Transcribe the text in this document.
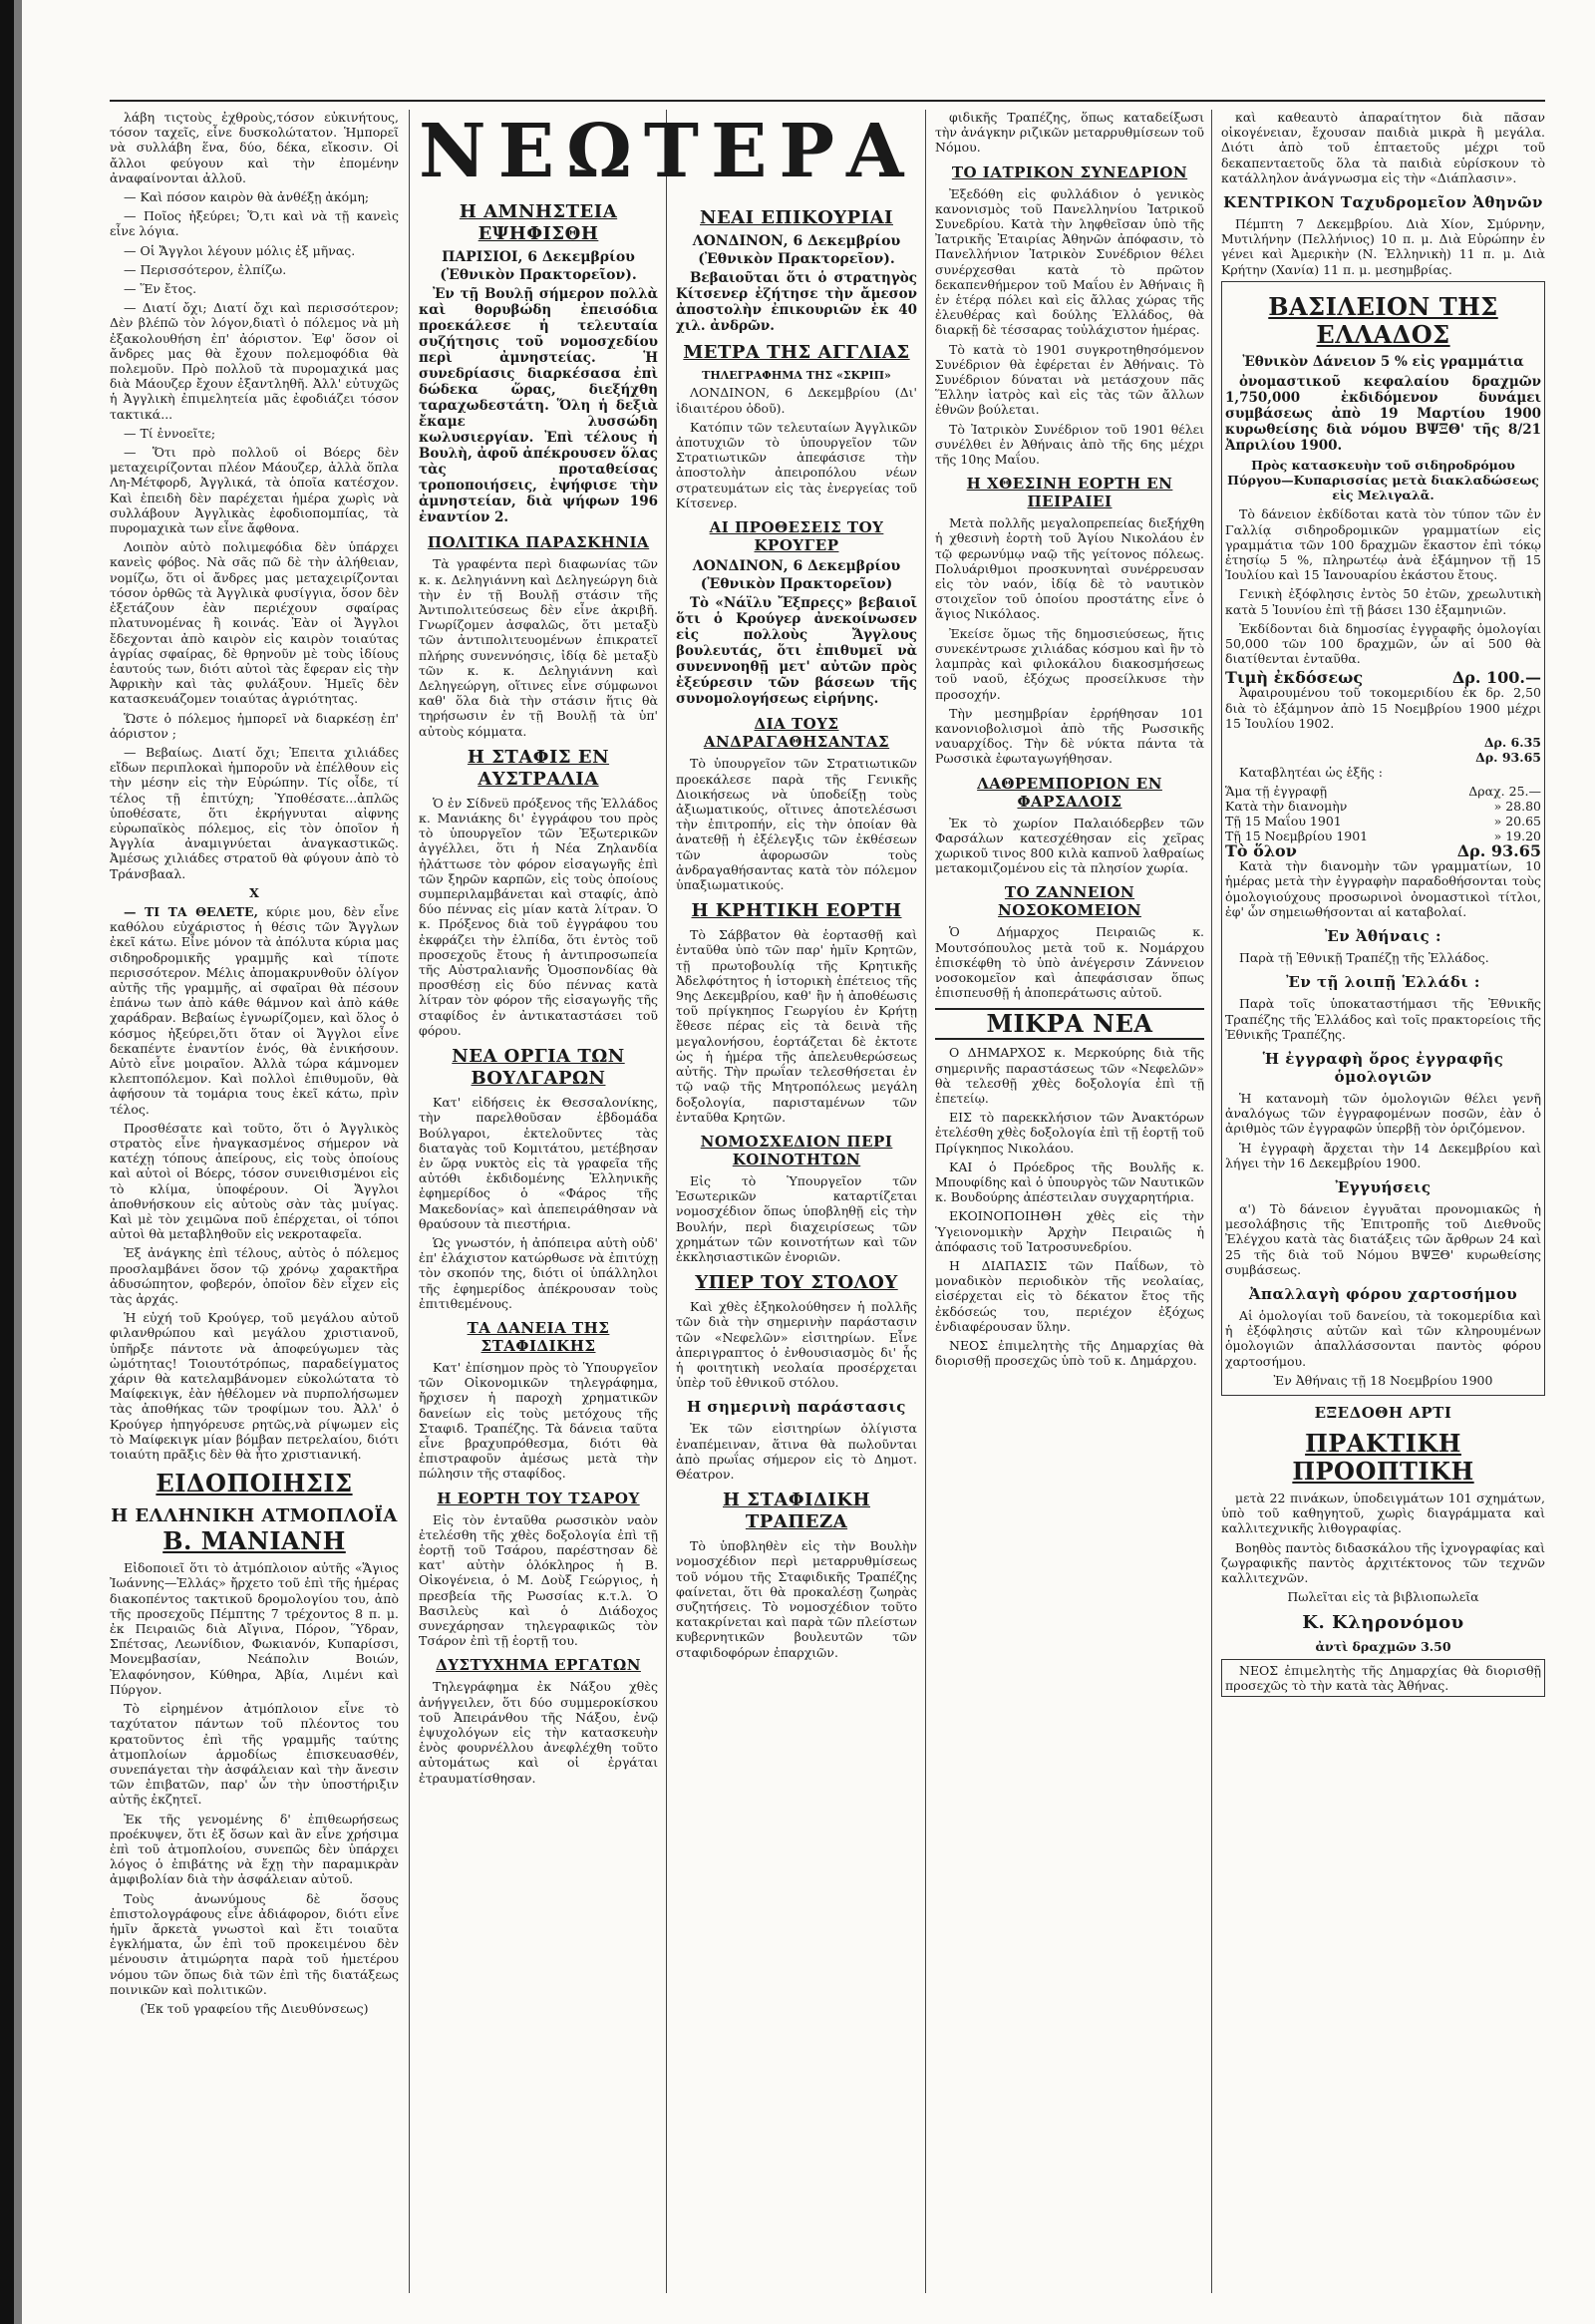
λάβη τιςτοὺς ἐχθροὺς,τόσον εὐκινήτους, τόσον ταχεῖς, εἶνε δυσκολώτατον. Ἡμπορεῖ νὰ συλλάβη ἕνα, δύο, δέκα, εἴκοσιν. Οἱ ἄλλοι φεύγουν καὶ τὴν ἐπομένην ἀναφαίνονται ἀλλοῦ.

— Καὶ πόσον καιρὸν θὰ ἀνθέξῃ ἀκόμη;

— Ποῖος ἠξεύρει; Ὅ,τι καὶ νὰ τῇ κανεὶς εἶνε λόγια.

— Οἱ Ἄγγλοι λέγουν μόλις ἐξ μῆνας.

— Περισσότερον, ἐλπίζω.

— Ἕν ἔτος.

— Διατί ὄχι; Διατί ὄχι καὶ περισσότερον; Δὲν βλέπῶ τὸν λόγον,διατὶ ὁ πόλεμος νὰ μὴ ἐξακολουθήση ἐπ' ἀόριστον. Ἐφ' ὅσον οἱ ἄνδρες μας θὰ ἔχουν πολεμοφόδια θὰ πολεμοῦν. Πρὸ πολλοῦ τὰ πυρομαχικά μας διὰ Μάουζερ ἔχουν ἐξαντληθῆ. Ἀλλ' εὐτυχῶς ἡ Ἀγγλικὴ ἐπιμελητεία μᾶς ἐφοδιάζει τόσον τακτικά...

— Τί ἐννοεῖτε;

— Ὅτι πρὸ πολλοῦ οἱ Βόερς δὲν μεταχειρίζονται πλέον Μάουζερ, ἀλλὰ ὅπλα Λη-Μέτφορδ, Ἀγγλικά, τὰ ὁποῖα κατέσχον. Καὶ ἐπειδὴ δὲν παρέχεται ἡμέρα χωρὶς νὰ συλλάβουν Ἀγγλικὰς ἐφοδιοπομπίας, τὰ πυρομαχικὰ των εἶνε ἄφθονα.

Λοιπὸν αὐτὸ πολιμεφόδια δὲν ὑπάρχει κανεὶς φόβος. Νὰ σᾶς πῶ δὲ τὴν ἀλήθειαν, νομίζω, ὅτι οἱ ἄνδρες μας μεταχειρίζονται τόσον ὀρθῶς τὰ Ἀγγλικὰ φυσίγγια, ὅσον δὲν ἐξετάζουν ἐὰν περιέχουν σφαίρας πλατυνομένας ἢ κοινάς. Ἐὰν οἱ Ἄγγλοι ἔδεχονται ἀπὸ καιρὸν εἰς καιρὸν τοιαύτας ἀγρίας σφαίρας, δὲ θρηνοῦν μὲ τοὺς ἰδίους ἑαυτούς των, διότι αὐτοὶ τὰς ἔφεραν εἰς τὴν Ἀφρικὴν καὶ τὰς φυλάξουν. Ἡμεῖς δὲν κατασκευάζομεν τοιαύτας ἀγριότητας.

Ὥστε ὁ πόλεμος ἡμπορεῖ νὰ διαρκέσῃ ἐπ' ἀόριστον ;

— Βεβαίως. Διατί ὄχι; Ἐπειτα χιλιάδες εἴδων περιπλοκαὶ ἡμποροῦν νὰ ἐπέλθουν εἰς τὴν μέσην εἰς τὴν Εὐρώπην. Τίς οἶδε, τί τέλος τῇ ἐπιτύχη; Ὑποθέσατε...ἀπλῶς ὑποθέσατε, ὅτι ἐκρήγνυται αἰφνης εὐρωπαϊκὸς πόλεμος, εἰς τὸν ὁποῖον ἡ Ἀγγλία ἀναμιγνύεται ἀναγκαστικῶς. Ἀμέσως χιλιάδες στρατοῦ θὰ φύγουν ἀπὸ τὸ Τράνσβααλ.

X

— ΤΙ ΤΑ ΘΕΛΕΤΕ, κύριε μου, δὲν εἶνε καθόλου εὐχάριστος ἡ θέσις τῶν Ἄγγλων ἐκεῖ κάτω. Εἶνε μόνον τὰ ἀπόλυτα κύρια μας σιδηροδρομικῆς γραμμῆς καὶ τίποτε περισσότερον. Μέλις ἀπομακρυνθοῦν ὀλίγον αὐτῆς τῆς γραμμῆς, αἱ σφαῖραι θὰ πέσουν ἐπάνω των ἀπὸ κάθε θάμνον καὶ ἀπὸ κάθε χαράδραν. Βεβαίως ἐγνωρίζομεν, καὶ ὅλος ὁ κόσμος ἠξεύρει,ὅτι ὅταν οἱ Ἄγγλοι εἶνε δεκαπέντε ἐναντίον ἑνός, θὰ ἐνικήσουν. Αὐτὸ εἶνε μοιραῖον. Ἀλλὰ τώρα κάμνομεν κλεπτοπόλεμον. Καὶ πολλοὶ ἐπιθυμοῦν, θὰ ἀφήσουν τὰ τομάρια τους ἐκεῖ κάτω, πρὶν τέλος.

Προσθέσατε καὶ τοῦτο, ὅτι ὁ Ἀγγλικὸς στρατὸς εἶνε ἠναγκασμένος σήμερον νὰ κατέχῃ τόπους ἀπείρους, εἰς τοὺς ὁποίους καὶ αὐτοὶ οἱ Βόερς, τόσον συνειθισμένοι εἰς τὸ κλίμα, ὑποφέρουν. Οἱ Ἄγγλοι ἀποθνήσκουν εἰς αὐτοὺς σὰν τὰς μυίγας. Καὶ μὲ τὸν χειμῶνα ποῦ ἐπέρχεται, οἱ τόποι αὐτοὶ θὰ μεταβληθοῦν εἰς νεκροταφεῖα.

Ἐξ ἀνάγκης ἐπὶ τέλους, αὐτὸς ὁ πόλεμος προσλαμβάνει ὅσον τῷ χρόνῳ χαρακτῆρα ἀδυσώπητον, φοβερόν, ὁποῖον δὲν εἶχεν εἰς τὰς ἀρχάς.

Ἡ εὐχή τοῦ Κρούγερ, τοῦ μεγάλου αὐτοῦ φιλανθρώπου καὶ μεγάλου χριστιανοῦ, ὑπῆρξε πάντοτε νὰ ἀποφεύγωμεν τὰς ὠμότητας! Τοιουτότρόπως, παραδείγματος χάριν θὰ κατελαμβάνομεν εὐκολώτατα τὸ Μαίφεκιγκ, ἐὰν ἠθέλομεν νὰ πυρπολήσωμεν τὰς ἀποθήκας τῶν τροφίμων του. Ἀλλ' ὁ Κρούγερ ἠπηγόρευσε ρητῶς,νὰ ρίψωμεν εἰς τὸ Μαίφεκιγκ μίαν βόμβαν πετρελαίου, διότι τοιαύτη πρᾶξις δὲν θὰ ἦτο χριστιανική.

ΕΙΔΟΠΟΙΗΣΙΣ
Η ΕΛΛΗΝΙΚΗ ΑΤΜΟΠΛΟΪΑ
Β. ΜΑΝΙΑΝΗ

Εἰδοποιεῖ ὅτι τὸ ἀτμόπλοιον αὐτῆς «Ἅγιος Ἰωάννης—Ἑλλάς» ἤρχετο τοῦ ἐπὶ τῆς ἡμέρας διακοπέντος τακτικοῦ δρομολογίου του, ἀπὸ τῆς προσεχοῦς Πέμπτης 7 τρέχοντος 8 π. μ. ἐκ Πειραιῶς διὰ Αἴγινα, Πόρον, Ὕδραν, Σπέτσας, Λεωνίδιον, Φωκιανόν, Κυπαρίσσι, Μονεμβασίαν, Νεάπολιν Βοιών, Ἐλαφόνησον, Κύθηρα, Ἀβία, Λιμένι καὶ Πύργον.

Τὸ εἰρημένον ἀτμόπλοιον εἶνε τὸ ταχύτατον πάντων τοῦ πλέοντος του κρατοῦντος ἐπὶ τῆς γραμμῆς ταύτης ἀτμοπλοίων ἁρμοδίως ἐπισκευασθέν, συνεπάγεται τὴν ἀσφάλειαν καὶ τὴν ἄνεσιν τῶν ἐπιβατῶν, παρ' ὧν τὴν ὑποστήριξιν αὐτῆς ἐκζητεῖ.

Ἐκ τῆς γενομένης δ' ἐπιθεωρήσεως προέκυψεν, ὅτι ἐξ ὅσων καὶ ἂν εἶνε χρήσιμα ἐπὶ τοῦ ἀτμοπλοίου, συνεπῶς δὲν ὑπάρχει λόγος ὁ ἐπιβάτης νὰ ἔχῃ τὴν παραμικρὰν ἀμφιβολίαν διὰ τὴν ἀσφάλειαν αὐτοῦ.

Τοὺς ἀνωνύμους δὲ ὅσους ἐπιστολογράφους εἶνε ἀδιάφορον, διότι εἶνε ἡμῖν ἄρκετὰ γνωστοὶ καὶ ἔτι τοιαῦτα ἐγκλήματα, ὧν ἐπὶ τοῦ προκειμένου δὲν μένουσιν ἀτιμώρητα παρὰ τοῦ ἡμετέρου νόμου τῶν ὅπως διὰ τῶν ἐπὶ τῆς διατάξεως ποινικῶν καὶ πολιτικῶν.

(Ἐκ τοῦ γραφείου τῆς Διευθύνσεως)

ΝΕΩΤΕΡΑ
Η ΑΜΝΗΣΤΕΙΑ ΕΨΗΦΙΣΘΗ
ΠΑΡΙΣΙΟΙ, 6 Δεκεμβρίου
(Ἐθνικὸν Πρακτορεῖον).

Ἐν τῇ Βουλῇ σήμερον πολλὰ καὶ θορυβώδη ἐπεισόδια προεκάλεσε ἡ τελευταία συζήτησις τοῦ νομοσχεδίου περὶ ἀμνηστείας. Ἡ συνεδρίασις διαρκέσασα ἐπὶ δώδεκα ὥρας, διεξήχθη ταραχωδεστάτη. Ὅλη ἡ δεξιὰ ἔκαμε λυσσώδη κωλυσιεργίαν. Ἐπὶ τέλους ἡ Βουλὴ, ἀφοῦ ἀπέκρουσεν ὅλας τὰς προταθείσας τροποποιήσεις, ἐψήφισε τὴν ἀμνηστείαν, διὰ ψήφων 196 ἐναντίον 2.

ΠΟΛΙΤΙΚΑ ΠΑΡΑΣΚΗΝΙΑ

Τὰ γραφέντα περὶ διαφωνίας τῶν κ. κ. Δεληγιάννη καὶ Δεληγεώργη διὰ τὴν ἐν τῇ Βουλῇ στάσιν τῆς Ἀντιπολιτεύσεως δὲν εἶνε ἀκριβῆ. Γνωρίζομεν ἀσφαλῶς, ὅτι μεταξὺ τῶν ἀντιπολιτευομένων ἐπικρατεῖ πλήρης συνεννόησις, ἰδίᾳ δὲ μεταξὺ τῶν κ. κ. Δεληγιάννη καὶ Δεληγεώργη, οἵτινες εἶνε σύμφωνοι καθ' ὅλα διὰ τὴν στάσιν ἥτις θὰ τηρήσωσιν ἐν τῇ Βουλῇ τὰ ὑπ' αὐτοὺς κόμματα.

Η ΣΤΑΦΙΣ ΕΝ ΑΥΣΤΡΑΛΙΑ

Ὁ ἐν Σίδνεϋ πρόξενος τῆς Ἑλλάδος κ. Μανιάκης δι' ἐγγράφου του πρὸς τὸ ὑπουργεῖον τῶν Ἐξωτερικῶν ἀγγέλλει, ὅτι ἡ Νέα Ζηλανδία ἠλάττωσε τὸν φόρον εἰσαγωγῆς ἐπὶ τῶν ξηρῶν καρπῶν, εἰς τοὺς ὁποίους συμπεριλαμβάνεται καὶ σταφίς, ἀπὸ δύο πέννας εἰς μίαν κατὰ λίτραν. Ὁ κ. Πρόξενος διὰ τοῦ ἐγγράφου του ἐκφράζει τὴν ἐλπίδα, ὅτι ἐντὸς τοῦ προσεχοῦς ἔτους ἡ ἀντιπροσωπεία τῆς Αὐστραλιανῆς Ὁμοσπονδίας θὰ προσθέσῃ εἰς δύο πέννας κατὰ λίτραν τὸν φόρον τῆς εἰσαγωγῆς τῆς σταφίδος ἐν ἀντικαταστάσει τοῦ φόρου.

ΝΕΑ ΟΡΓΙΑ ΤΩΝ ΒΟΥΛΓΑΡΩΝ

Κατ' εἰδήσεις ἐκ Θεσσαλονίκης, τὴν παρελθοῦσαν ἑβδομάδα Βούλγαροι, ἐκτελοῦντες τὰς διαταγὰς τοῦ Κομιτάτου, μετέβησαν ἐν ὥρᾳ νυκτὸς εἰς τὰ γραφεῖα τῆς αὐτόθι ἐκδιδομένης Ἑλληνικῆς ἐφημερίδος ὁ «Φάρος τῆς Μακεδονίας» καὶ ἀπεπειράθησαν νὰ θραύσουν τὰ πιεστήρια.

Ὡς γνωστόν, ἡ ἀπόπειρα αὐτὴ οὐδ' ἐπ' ἐλάχιστον κατώρθωσε νὰ ἐπιτύχῃ τὸν σκοπόν της, διότι οἱ ὑπάλληλοι τῆς ἐφημερίδος ἀπέκρουσαν τοὺς ἐπιτιθεμένους.

ΤΑ ΔΑΝΕΙΑ ΤΗΣ ΣΤΑΦΙΔΙΚΗΣ

Κατ' ἐπίσημον πρὸς τὸ Ὑπουργεῖον τῶν Οἰκονομικῶν τηλεγράφημα, ἤρχισεν ἡ παροχὴ χρηματικῶν δανείων εἰς τοὺς μετόχους τῆς Σταφιδ. Τραπέζης. Τὰ δάνεια ταῦτα εἶνε βραχυπρόθεσμα, διότι θὰ ἐπιστραφοῦν ἀμέσως μετὰ τὴν πώλησιν τῆς σταφίδος.

Η ΕΟΡΤΗ ΤΟΥ ΤΣΑΡΟΥ

Εἰς τὸν ἐνταῦθα ρωσσικὸν ναὸν ἐτελέσθη τῆς χθὲς δοξολογία ἐπὶ τῇ ἑορτῇ τοῦ Τσάρου, παρέστησαν δὲ κατ' αὐτὴν ὁλόκληρος ἡ Β. Οἰκογένεια, ὁ Μ. Δοὺξ Γεώργιος, ἡ πρεσβεία τῆς Ρωσσίας κ.τ.λ. Ὁ Βασιλεὺς καὶ ὁ Διάδοχος συνεχάρησαν τηλεγραφικῶς τὸν Τσάρον ἐπὶ τῇ ἑορτῇ του.

ΔΥΣΤΥΧΗΜΑ ΕΡΓΑΤΩΝ

Τηλεγράφημα ἐκ Νάξου χθὲς ἀνήγγειλεν, ὅτι δύο συμμεροκίσκου τοῦ Ἀπειράνθου τῆς Νάξου, ἐνῷ ἐψυχολόγων εἰς τὴν κατασκευὴν ἑνὸς φουρνέλλου ἀνεφλέχθη τοῦτο αὐτομάτως καὶ οἱ ἐργάται ἐτραυματίσθησαν.

ΝΕΑΙ ΕΠΙΚΟΥΡΙΑΙ
ΛΟΝΔΙΝΟΝ, 6 Δεκεμβρίου
(Ἐθνικὸν Πρακτορεῖον).

Βεβαιοῦται ὅτι ὁ στρατηγὸς Κίτσενερ ἐζήτησε τὴν ἄμεσον ἀποστολὴν ἐπικουριῶν ἐκ 40 χιλ. ἀνδρῶν.

ΜΕΤΡΑ ΤΗΣ ΑΓΓΛΙΑΣ
ΤΗΛΕΓΡΑΦΗΜΑ ΤΗΣ «ΣΚΡΙΠ»

ΛΟΝΔΙΝΟΝ, 6 Δεκεμβρίου (Δι' ἰδιαιτέρου ὁδοῦ).

Κατόπιν τῶν τελευταίων Ἀγγλικῶν ἀποτυχιῶν τὸ ὑπουργεῖον τῶν Στρατιωτικῶν ἀπεφάσισε τὴν ἀποστολὴν ἀπειροπόλου νέων στρατευμάτων εἰς τὰς ἐνεργείας τοῦ Κίτσενερ.

ΑΙ ΠΡΟΘΕΣΕΙΣ ΤΟΥ ΚΡΟΥΓΕΡ
ΛΟΝΔΙΝΟΝ, 6 Δεκεμβρίου
(Ἐθνικὸν Πρακτορεῖον)

Τὸ «Νάϊλυ Ἔξπρεςς» βεβαιοῖ ὅτι ὁ Κρούγερ ἀνεκοίνωσεν εἰς πολλοὺς Ἄγγλους βουλευτάς, ὅτι ἐπιθυμεῖ νὰ συνεννοηθῇ μετ' αὐτῶν πρὸς ἐξεύρεσιν τῶν βάσεων τῆς συνομολογήσεως εἰρήνης.

ΔΙΑ ΤΟΥΣ ΑΝΔΡΑΓΑΘΗΣΑΝΤΑΣ

Τὸ ὑπουργεῖον τῶν Στρατιωτικῶν προεκάλεσε παρὰ τῆς Γενικῆς Διοικήσεως νὰ ὑποδείξῃ τοὺς ἀξιωματικούς, οἵτινες ἀποτελέσωσι τὴν ἐπιτροπήν, εἰς τὴν ὁποίαν θὰ ἀνατεθῇ ἡ ἐξέλεγξις τῶν ἐκθέσεων τῶν ἀφορωσῶν τοὺς ἀνδραγαθήσαντας κατὰ τὸν πόλεμον ὑπαξιωματικούς.

Η ΚΡΗΤΙΚΗ ΕΟΡΤΗ

Τὸ Σάββατον θὰ ἑορτασθῇ καὶ ἐνταῦθα ὑπὸ τῶν παρ' ἡμῖν Κρητῶν, τῇ πρωτοβουλίᾳ τῆς Κρητικῆς Ἀδελφότητος ἡ ἱστορικὴ ἐπέτειος τῆς 9ης Δεκεμβρίου, καθ' ἣν ἡ ἀποθέωσις τοῦ πρίγκηπος Γεωργίου ἐν Κρήτῃ ἔθεσε πέρας εἰς τὰ δεινὰ τῆς μεγαλονήσου, ἑορτάζεται δὲ ἐκτοτε ὡς ἡ ἡμέρα τῆς ἀπελευθερώσεως αὐτῆς. Τὴν πρωΐαν τελεσθήσεται ἐν τῷ ναῷ τῆς Μητροπόλεως μεγάλη δοξολογία, παρισταμένων τῶν ἐνταῦθα Κρητῶν.

ΝΟΜΟΣΧΕΔΙΟΝ ΠΕΡΙ ΚΟΙΝΟΤΗΤΩΝ

Εἰς τὸ Ὑπουργεῖον τῶν Ἐσωτερικῶν καταρτίζεται νομοσχέδιον ὅπως ὑποβληθῇ εἰς τὴν Βουλήν, περὶ διαχειρίσεως τῶν χρημάτων τῶν κοινοτήτων καὶ τῶν ἐκκλησιαστικῶν ἐνοριῶν.

ΥΠΕΡ ΤΟΥ ΣΤΟΛΟΥ

Καὶ χθὲς ἐξηκολούθησεν ἡ πολλῆς τῶν διὰ τὴν σημερινὴν παράστασιν τῶν «Νεφελῶν» εἰσιτηρίων. Εἶνε ἀπεριγραπτος ὁ ἐνθουσιασμὸς δι' ἧς ἡ φοιτητικὴ νεολαία προσέρχεται ὑπὲρ τοῦ ἐθνικοῦ στόλου.

Η σημερινὴ παράστασις

Ἐκ τῶν εἰσιτηρίων ὀλίγιστα ἐναπέμειναν, ἅτινα θὰ πωλοῦνται ἀπὸ πρωΐας σήμερον εἰς τὸ Δημοτ. Θέατρον.

Η ΣΤΑΦΙΔΙΚΗ ΤΡΑΠΕΖΑ

Τὸ ὑποβληθὲν εἰς τὴν Βουλὴν νομοσχέδιον περὶ μεταρρυθμίσεως τοῦ νόμου τῆς Σταφιδικῆς Τραπέζης φαίνεται, ὅτι θὰ προκαλέσῃ ζωηρὰς συζητήσεις. Τὸ νομοσχέδιον τοῦτο κατακρίνεται καὶ παρὰ τῶν πλείστων κυβερνητικῶν βουλευτῶν τῶν σταφιδοφόρων ἐπαρχιῶν.

φιδικῆς Τραπέζης, ὅπως καταδείξωσι τὴν ἀνάγκην ριζικῶν μεταρρυθμίσεων τοῦ Νόμου.

ΤΟ ΙΑΤΡΙΚΟΝ ΣΥΝΕΔΡΙΟΝ

Ἐξεδόθη εἰς φυλλάδιον ὁ γενικὸς κανονισμὸς τοῦ Πανελληνίου Ἰατρικοῦ Συνεδρίου. Κατὰ τὴν ληφθεῖσαν ὑπὸ τῆς Ἰατρικῆς Ἑταιρίας Ἀθηνῶν ἀπόφασιν, τὸ Πανελλήνιον Ἰατρικὸν Συνέδριον θέλει συνέρχεσθαι κατὰ τὸ πρῶτον δεκαπενθήμερον τοῦ Μαΐου ἐν Ἀθήναις ἢ ἐν ἑτέρᾳ πόλει καὶ εἰς ἄλλας χώρας τῆς ἐλευθέρας καὶ δούλης Ἑλλάδος, θὰ διαρκῇ δὲ τέσσαρας τοὐλάχιστον ἡμέρας.

Τὸ κατὰ τὸ 1901 συγκροτηθησόμενον Συνέδριον θὰ ἐφέρεται ἐν Ἀθήναις. Τὸ Συνέδριον δύναται νὰ μετάσχουν πᾶς Ἕλλην ἰατρὸς καὶ εἰς τὰς τῶν ἄλλων ἐθνῶν βούλεται.

Τὸ Ἰατρικὸν Συνέδριον τοῦ 1901 θέλει συνέλθει ἐν Ἀθήναις ἀπὸ τῆς 6ης μέχρι τῆς 10ης Μαΐου.

Η ΧΘΕΣΙΝΗ ΕΟΡΤΗ ΕΝ ΠΕΙΡΑΙΕΙ

Μετὰ πολλῆς μεγαλοπρεπείας διεξήχθη ἡ χθεσινὴ ἑορτὴ τοῦ Ἁγίου Νικολάου ἐν τῷ φερωνύμῳ ναῷ τῆς γείτονος πόλεως. Πολυάριθμοι προσκυνηταὶ συνέρρευσαν εἰς τὸν ναόν, ἰδίᾳ δὲ τὸ ναυτικὸν στοιχεῖον τοῦ ὁποίου προστάτης εἶνε ὁ ἅγιος Νικόλαος.

Ἐκείσε ὅμως τῆς δημοσιεύσεως, ἥτις συνεκέντρωσε χιλιάδας κόσμου καὶ ἣν τὸ λαμπρὰς καὶ φιλοκάλου διακοσμήσεως τοῦ ναοῦ, ἐξόχως προσείλκυσε τὴν προσοχήν.

Τὴν μεσημβρίαν ἐρρήθησαν 101 κανονιοβολισμοὶ ἀπὸ τῆς Ρωσσικῆς ναυαρχίδος. Τὴν δὲ νύκτα πάντα τὰ Ρωσσικὰ ἐφωταγωγήθησαν.

ΛΑΘΡΕΜΠΟΡΙΟΝ ΕΝ ΦΑΡΣΑΛΟΙΣ

Ἐκ τὸ χωρίον Παλαιόδερβεν τῶν Φαρσάλων κατεσχέθησαν εἰς χεῖρας χωρικοῦ τινος 800 κιλὰ καπνοῦ λαθραίως μετακομιζομένου εἰς τὰ πλησίον χωρία.

ΤΟ ΖΑΝΝΕΙΟΝ ΝΟΣΟΚΟΜΕΙΟΝ

Ὁ Δήμαρχος Πειραιῶς κ. Μουτσόπουλος μετὰ τοῦ κ. Νομάρχου ἐπισκέφθη τὸ ὑπὸ ἀνέγερσιν Ζάννειον νοσοκομεῖον καὶ ἀπεφάσισαν ὅπως ἐπισπευσθῇ ἡ ἀποπεράτωσις αὐτοῦ.

ΜΙΚΡΑ ΝΕΑ

Ο ΔΗΜΑΡΧΟΣ κ. Μερκούρης διὰ τῆς σημερινῆς παραστάσεως τῶν «Νεφελῶν» θὰ τελεσθῇ χθὲς δοξολογία ἐπὶ τῇ ἐπετείῳ.

ΕΙΣ τὸ παρεκκλήσιον τῶν Ἀνακτόρων ἐτελέσθη χθὲς δοξολογία ἐπὶ τῇ ἑορτῇ τοῦ Πρίγκηπος Νικολάου.

ΚΑΙ ὁ Πρόεδρος τῆς Βουλῆς κ. Μπουφίδης καὶ ὁ ὑπουργὸς τῶν Ναυτικῶν κ. Βουδούρης ἀπέστειλαν συγχαρητήρια.

ΕΚΟΙΝΟΠΟΙΗΘΗ χθὲς εἰς τὴν Ὑγειονομικὴν Ἀρχὴν Πειραιῶς ἡ ἀπόφασις τοῦ Ἰατροσυνεδρίου.

Η ΔΙΑΠΑΣΙΣ τῶν Παΐδων, τὸ μοναδικὸν περιοδικὸν τῆς νεολαίας, εἰσέρχεται εἰς τὸ δέκατον ἔτος τῆς ἐκδόσεώς του, περιέχον ἐξόχως ἐνδιαφέρουσαν ὕλην.

ΝΕΟΣ ἐπιμελητὴς τῆς Δημαρχίας θὰ διορισθῇ προσεχῶς ὑπὸ τοῦ κ. Δημάρχου.

καὶ καθεαυτὸ ἀπαραίτητον διὰ πᾶσαν οἰκογένειαν, ἔχουσαν παιδιὰ μικρὰ ἢ μεγάλα. Διότι ἀπὸ τοῦ ἑπταετοῦς μέχρι τοῦ δεκαπενταετοῦς ὅλα τὰ παιδιὰ εὑρίσκουν τὸ κατάλληλον ἀνάγνωσμα εἰς τὴν «Διάπλασιν».

ΚΕΝΤΡΙΚΟΝ Ταχυδρομεῖον Ἀθηνῶν

Πέμπτη 7 Δεκεμβρίου. Διὰ Χίον, Σμύρνην, Μυτιλήνην (Πελλήνιος) 10 π. μ. Διὰ Εὐρώπην ἐν γένει καὶ Ἀμερικὴν (Ν. Ἑλληνικὴ) 11 π. μ. Διὰ Κρήτην (Χανία) 11 π. μ. μεσημβρίας.

ΒΑΣΙΛΕΙΟΝ ΤΗΣ ΕΛΛΑΔΟΣ

Ἐθνικὸν Δάνειον 5 % εἰς γραμμάτια

ὀνομαστικοῦ κεφαλαίου δραχμῶν 1,750,000 ἐκδιδόμενον δυνάμει συμβάσεως ἀπὸ 19 Μαρτίου 1900 κυρωθείσης διὰ νόμου ΒΨΞΘ' τῆς 8/21 Ἀπριλίου 1900.

Πρὸς κατασκευὴν τοῦ σιδηροδρόμου Πύργου—Κυπαρισσίας μετὰ διακλαδώσεως εἰς Μελιγαλᾶ.

Τὸ δάνειον ἐκδίδοται κατὰ τὸν τύπον τῶν ἐν Γαλλίᾳ σιδηροδρομικῶν γραμματίων εἰς γραμμάτια τῶν 100 δραχμῶν ἕκαστον ἐπὶ τόκῳ ἐτησίῳ 5 %, πληρωτέῳ ἀνὰ ἑξάμηνον τῇ 15 Ἰουλίου καὶ 15 Ἰανουαρίου ἑκάστου ἔτους.

Γενικὴ ἐξόφλησις ἐντὸς 50 ἐτῶν, χρεωλυτικὴ κατὰ 5 Ἰουνίου ἐπὶ τῇ βάσει 130 ἐξαμηνιῶν.

Ἐκδίδονται διὰ δημοσίας ἐγγραφῆς ὁμολογίαι 50,000 τῶν 100 δραχμῶν, ὧν αἱ 500 θὰ διατίθενται ἐνταῦθα.

Τιμὴ ἐκδόσεως	Δρ. 100.—

Ἀφαιρουμένου τοῦ τοκομεριδίου ἐκ δρ. 2,50 διὰ τὸ ἑξάμηνον ἀπὸ 15 Νοεμβρίου 1900 μέχρι 15 Ἰουλίου 1902.

Δρ. 6.35
Δρ. 93.65

Καταβλητέαι ὡς ἑξῆς :

Ἅμα τῇ ἐγγραφῇ	Δραχ. 25.—
Κατὰ τὴν διανομὴν	» 28.80
Τῇ 15 Μαΐου 1901	» 20.65
Τῇ 15 Νοεμβρίου 1901	» 19.20
Τὸ ὅλον	Δρ. 93.65

Κατὰ τὴν διανομὴν τῶν γραμματίων, 10 ἡμέρας μετὰ τὴν ἐγγραφὴν παραδοθήσονται τοὺς ὁμολογιούχους προσωρινοὶ ὀνομαστικοὶ τίτλοι, ἐφ' ὧν σημειωθήσονται αἱ καταβολαί.

Ἐν Ἀθήναις :

Παρὰ τῇ Ἐθνικῇ Τραπέζῃ τῆς Ἑλλάδος.

Ἐν τῇ λοιπῇ Ἑλλάδι :

Παρὰ τοῖς ὑποκαταστήμασι τῆς Ἐθνικῆς Τραπέζης τῆς Ἑλλάδος καὶ τοῖς πρακτορείοις τῆς Ἐθνικῆς Τραπέζης.

Ἡ ἐγγραφὴ ὅρος ἐγγραφῆς ὁμολογιῶν

Ἡ κατανομὴ τῶν ὁμολογιῶν θέλει γενῆ ἀναλόγως τῶν ἐγγραφομένων ποσῶν, ἐὰν ὁ ἀριθμὸς τῶν ἐγγραφῶν ὑπερβῇ τὸν ὁριζόμενον.

Ἡ ἐγγραφὴ ἄρχεται τὴν 14 Δεκεμβρίου καὶ λήγει τὴν 16 Δεκεμβρίου 1900.

Ἐγγυήσεις

α') Τὸ δάνειον ἐγγυᾶται προνομιακῶς ἡ μεσολάβησις τῆς Ἐπιτροπῆς τοῦ Διεθνοῦς Ἐλέγχου κατὰ τὰς διατάξεις τῶν ἄρθρων 24 καὶ 25 τῆς διὰ τοῦ Νόμου ΒΨΞΘ' κυρωθείσης συμβάσεως.

Ἀπαλλαγὴ φόρου χαρτοσήμου

Αἱ ὁμολογίαι τοῦ δανείου, τὰ τοκομερίδια καὶ ἡ ἐξόφλησις αὐτῶν καὶ τῶν κληρουμένων ὁμολογιῶν ἀπαλλάσσονται παντὸς φόρου χαρτοσήμου.

Ἐν Ἀθήναις τῇ 18 Νοεμβρίου 1900

ΕΞΕΔΟΘΗ ΑΡΤΙ
ΠΡΑΚΤΙΚΗ ΠΡΟΟΠΤΙΚΗ

μετὰ 22 πινάκων, ὑποδειγμάτων 101 σχημάτων, ὑπὸ τοῦ καθηγητοῦ, χωρὶς διαγράμματα καὶ καλλιτεχνικῆς λιθογραφίας.

Βοηθὸς παντὸς διδασκάλου τῆς ἰχνογραφίας καὶ ζωγραφικῆς παντὸς ἀρχιτέκτονος τῶν τεχνῶν καλλιτεχνῶν.

Πωλεῖται εἰς τὰ βιβλιοπωλεῖα

Κ. Κληρονόμου

ἀντὶ δραχμῶν 3.50

ΝΕΟΣ ἐπιμελητὴς τῆς Δημαρχίας θὰ διορισθῇ προσεχῶς τὸ τὴν κατὰ τὰς Ἀθήνας.
